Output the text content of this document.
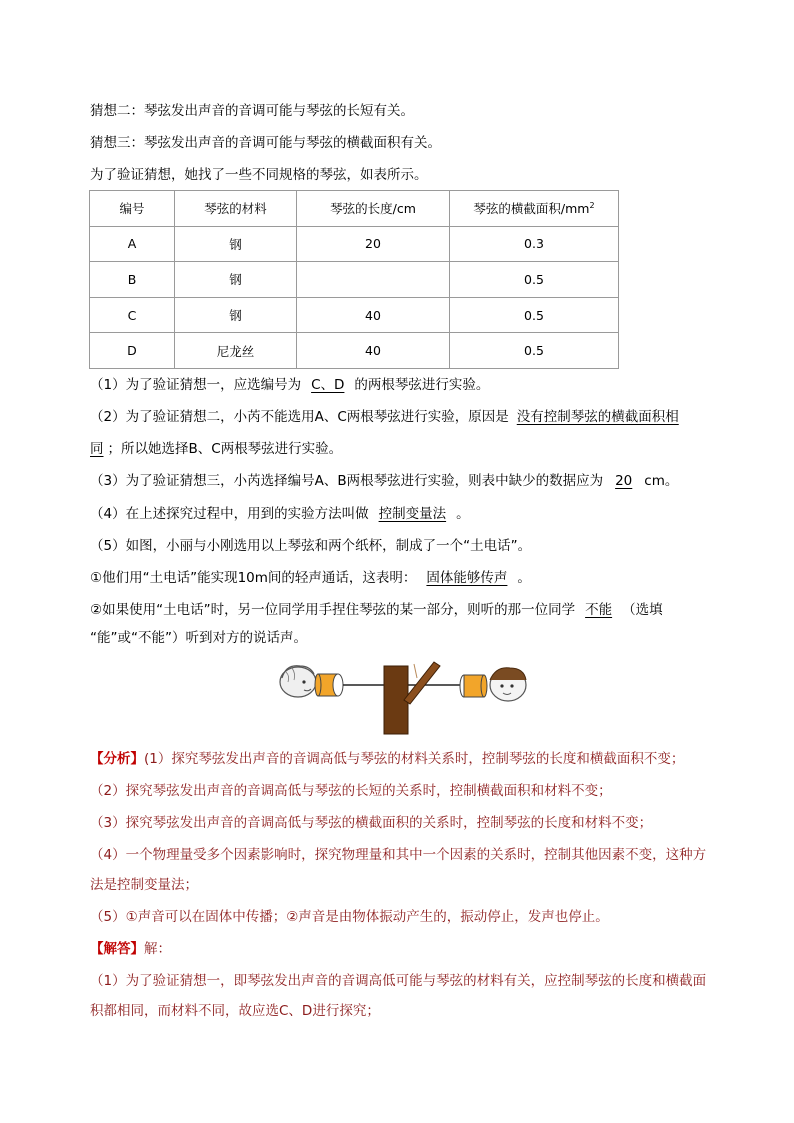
猜想二：琴弦发出声音的音调可能与琴弦的长短有关。
猜想三：琴弦发出声音的音调可能与琴弦的横截面积有关。
为了验证猜想，她找了一些不同规格的琴弦，如表所示。
编号	琴弦的材料	琴弦的长度/cm	琴弦的横截面积$/mm^2$
A	钢	20	0.3
B	钢		0.5
C	钢	40	0.5
D	尼龙丝	40	0.5
（1）为了验证猜想一，应选编号为 C、D 的两根琴弦进行实验。
（2）为了验证猜想二，小芮不能选用A、C两根琴弦进行实验，原因是 没有控制琴弦的横截面积相
同 ；所以她选择B、C两根琴弦进行实验。
（3）为了验证猜想三，小芮选择编号A、B两根琴弦进行实验，则表中缺少的数据应为 20 cm。
（4）在上述探究过程中，用到的实验方法叫做 控制变量法 。
（5）如图，小丽与小刚选用以上琴弦和两个纸杯，制成了一个“土电话”。
①他们用“土电话”能实现10m间的轻声通话，这表明： 固体能够传声 。
②如果使用“土电话”时，另一位同学用手捏住琴弦的某一部分，则听的那一位同学 不能 （选填
“能”或“不能”）听到对方的说话声。
【分析】(1）探究琴弦发出声音的音调高低与琴弦的材料关系时，控制琴弦的长度和横截面积不变；
（2）探究琴弦发出声音的音调高低与琴弦的长短的关系时，控制横截面积和材料不变；
（3）探究琴弦发出声音的音调高低与琴弦的横截面积的关系时，控制琴弦的长度和材料不变；
（4）一个物理量受多个因素影响时，探究物理量和其中一个因素的关系时，控制其他因素不变，这种方
法是控制变量法；
（5）①声音可以在固体中传播；②声音是由物体振动产生的，振动停止，发声也停止。
【解答】解：
（1）为了验证猜想一，即琴弦发出声音的音调高低可能与琴弦的材料有关，应控制琴弦的长度和横截面
积都相同，而材料不同，故应选C、D进行探究；
